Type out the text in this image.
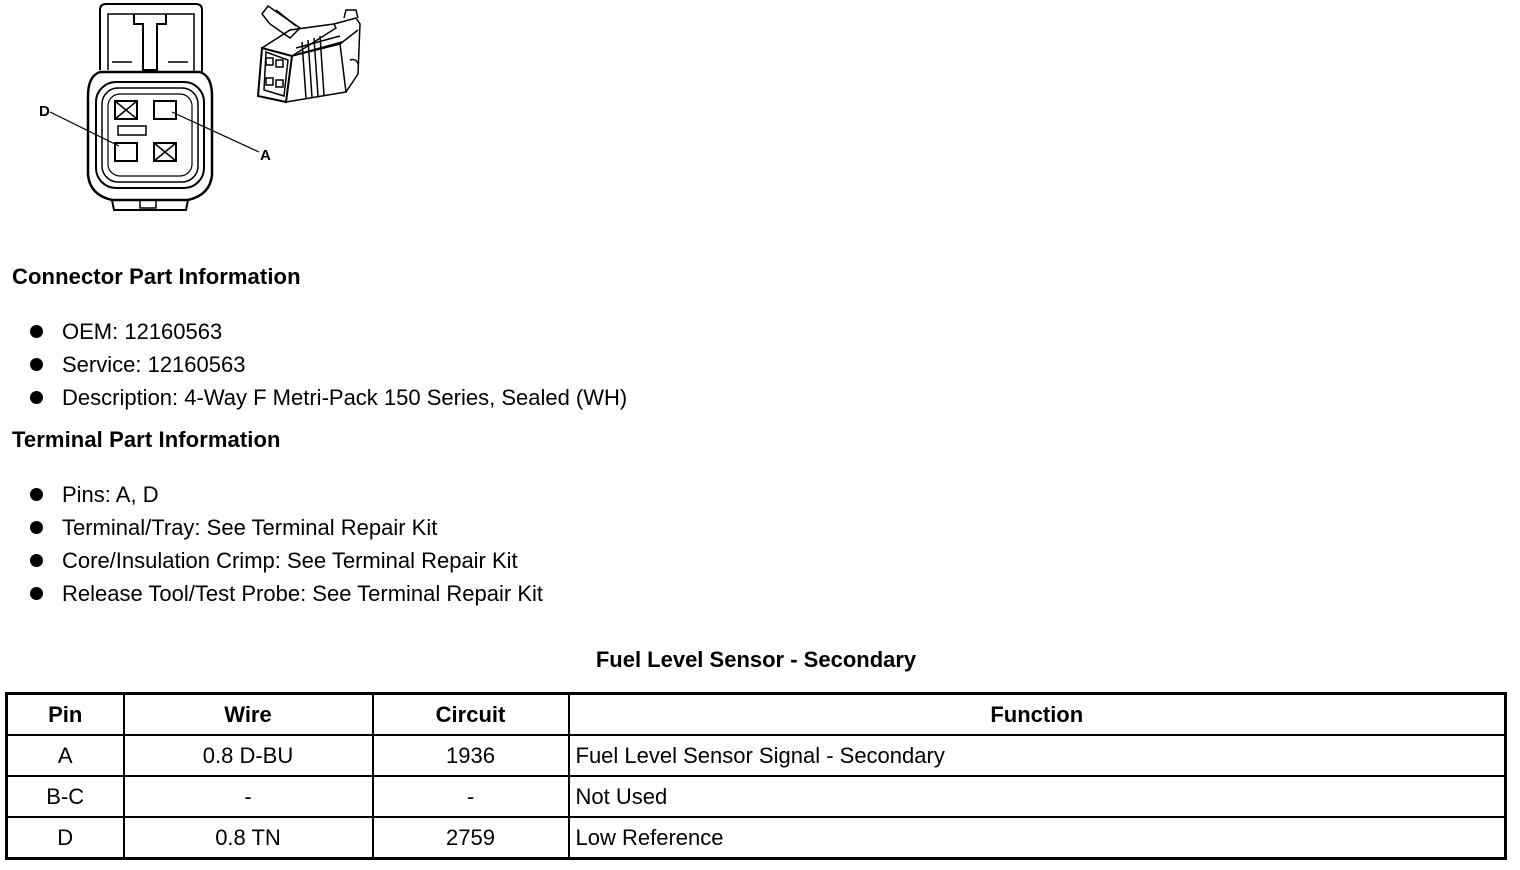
D
A
Connector Part Information
OEM: 12160563
Service: 12160563
Description: 4-Way F Metri-Pack 150 Series, Sealed (WH)
Terminal Part Information
Pins: A, D
Terminal/Tray: See Terminal Repair Kit
Core/Insulation Crimp: See Terminal Repair Kit
Release Tool/Test Probe: See Terminal Repair Kit
Fuel Level Sensor - Secondary
Pin	Wire	Circuit	Function
A	0.8 D-BU	1936	Fuel Level Sensor Signal - Secondary
B-C	-	-	Not Used
D	0.8 TN	2759	Low Reference
